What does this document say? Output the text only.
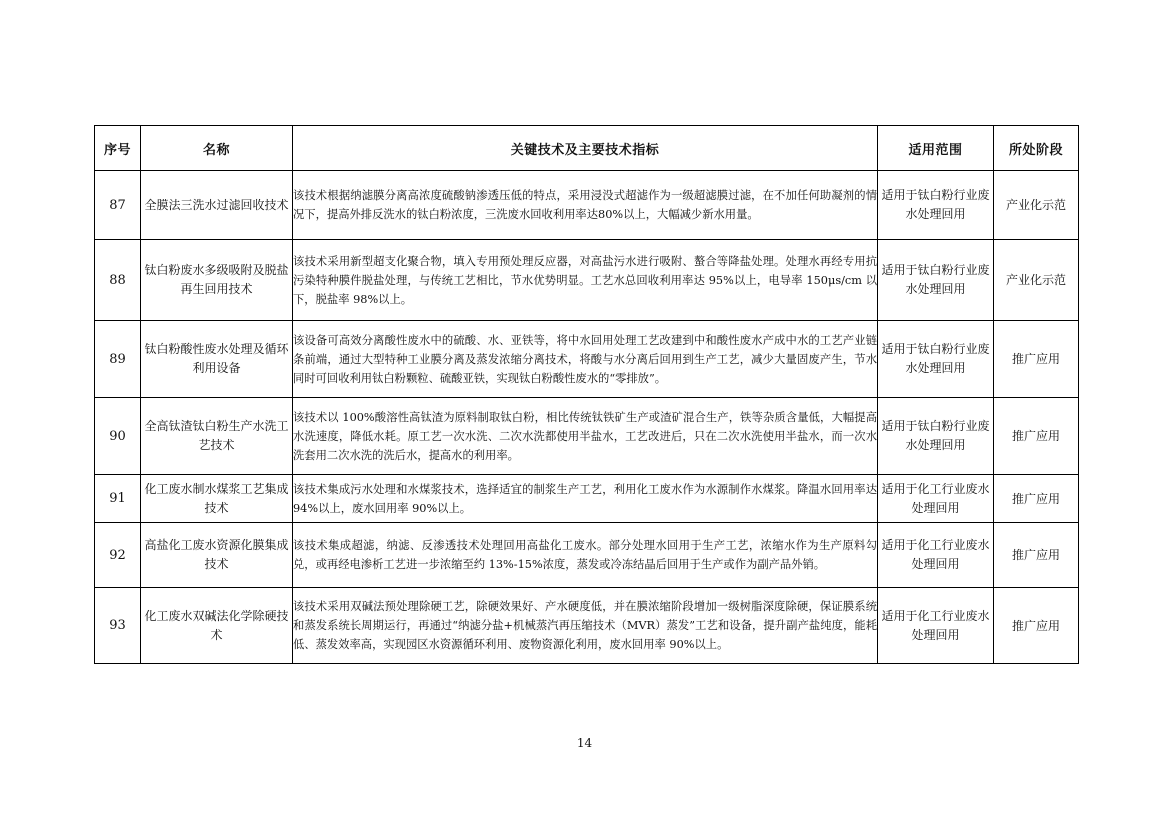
序号	名称	关键技术及主要技术指标	适用范围	所处阶段
87	全膜法三洗水过滤回收技术	该技术根据纳滤膜分离高浓度硫酸钠渗透压低的特点，采用浸没式超滤作为一级超滤膜过滤，在不加任何助凝剂的情况下，提高外排反洗水的钛白粉浓度，三洗废水回收利用率达80%以上，大幅减少新水用量。	适用于钛白粉行业废水处理回用	产业化示范
88	钛白粉废水多级吸附及脱盐再生回用技术	该技术采用新型超支化聚合物，填入专用预处理反应器，对高盐污水进行吸附、螯合等降盐处理。处理水再经专用抗污染特种膜件脱盐处理，与传统工艺相比，节水优势明显。工艺水总回收利用率达 95%以上，电导率 150μs/cm 以下，脱盐率 98%以上。	适用于钛白粉行业废水处理回用	产业化示范
89	钛白粉酸性废水处理及循环利用设备	该设备可高效分离酸性废水中的硫酸、水、亚铁等，将中水回用处理工艺改建到中和酸性废水产成中水的工艺产业链条前端，通过大型特种工业膜分离及蒸发浓缩分离技术，将酸与水分离后回用到生产工艺，减少大量固废产生，节水同时可回收利用钛白粉颗粒、硫酸亚铁，实现钛白粉酸性废水的“零排放”。	适用于钛白粉行业废水处理回用	推广应用
90	全高钛渣钛白粉生产水洗工艺技术	该技术以 100%酸溶性高钛渣为原料制取钛白粉，相比传统钛铁矿生产或渣矿混合生产，铁等杂质含量低，大幅提高水洗速度，降低水耗。原工艺一次水洗、二次水洗都使用半盐水，工艺改进后，只在二次水洗使用半盐水，而一次水洗套用二次水洗的洗后水，提高水的利用率。	适用于钛白粉行业废水处理回用	推广应用
91	化工废水制水煤浆工艺集成技术	该技术集成污水处理和水煤浆技术，选择适宜的制浆生产工艺，利用化工废水作为水源制作水煤浆。降温水回用率达 94%以上，废水回用率 90%以上。	适用于化工行业废水处理回用	推广应用
92	高盐化工废水资源化膜集成技术	该技术集成超滤，纳滤、反渗透技术处理回用高盐化工废水。部分处理水回用于生产工艺，浓缩水作为生产原料勾兑，或再经电渗析工艺进一步浓缩至约 13%-15%浓度，蒸发或冷冻结晶后回用于生产或作为副产品外销。	适用于化工行业废水处理回用	推广应用
93	化工废水双碱法化学除硬技术	该技术采用双碱法预处理除硬工艺，除硬效果好、产水硬度低，并在膜浓缩阶段增加一级树脂深度除硬，保证膜系统和蒸发系统长周期运行，再通过“纳滤分盐+机械蒸汽再压缩技术（MVR）蒸发”工艺和设备，提升副产盐纯度，能耗低、蒸发效率高，实现园区水资源循环利用、废物资源化利用，废水回用率 90%以上。	适用于化工行业废水处理回用	推广应用
14
